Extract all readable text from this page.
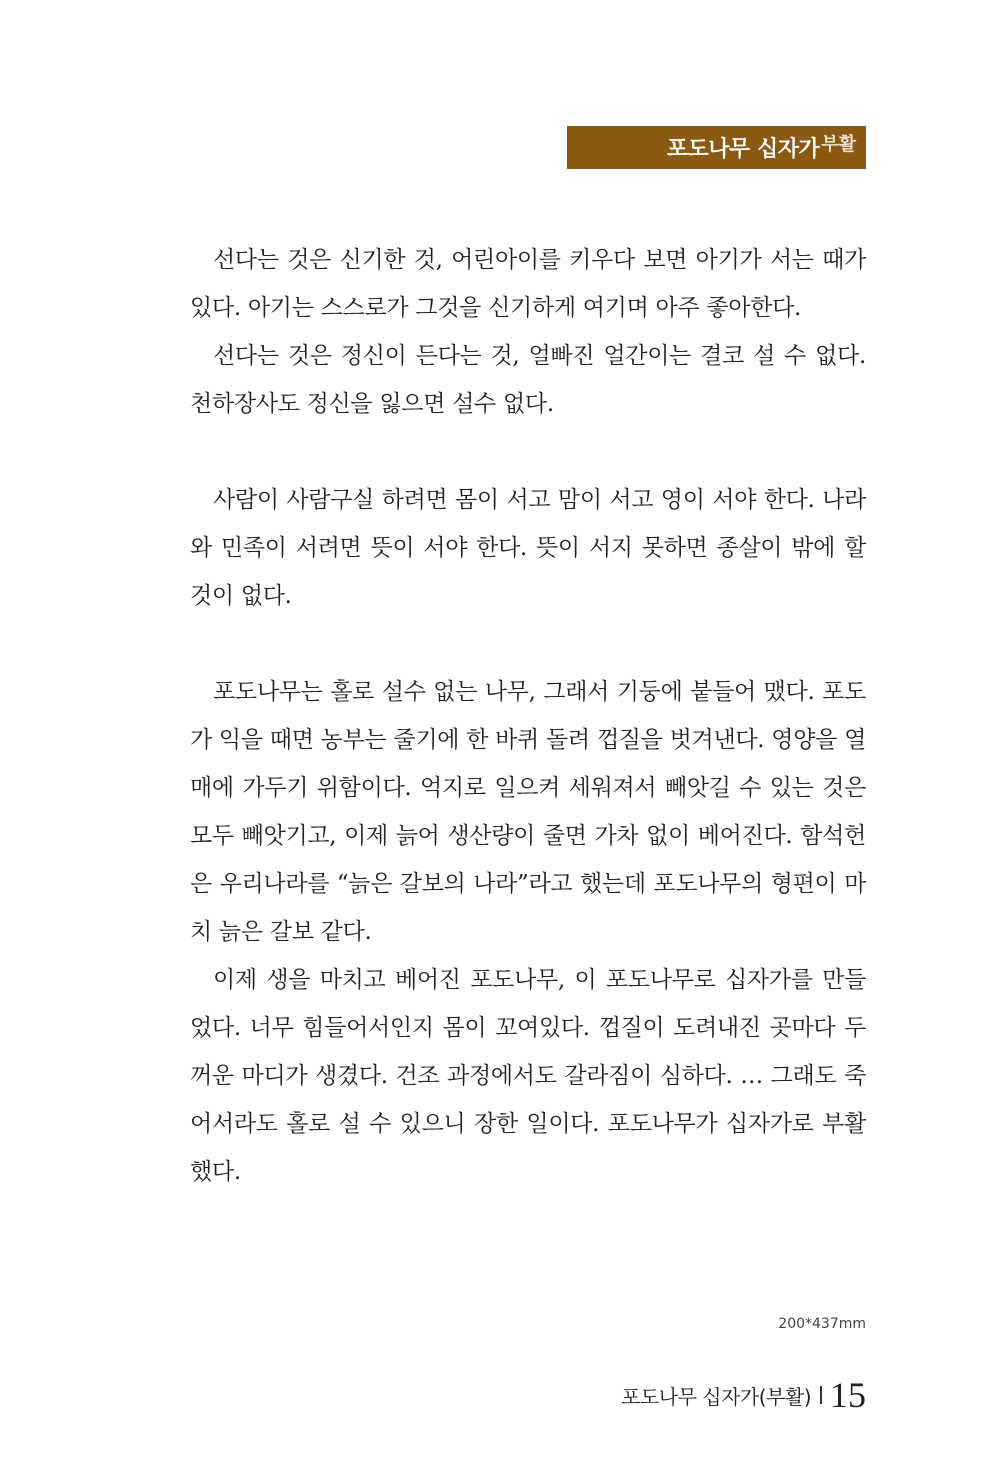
포도나무 십자가 부활

선다는 것은 신기한 것, 어린아이를 키우다 보면 아기가 서는 때가 있다. 아기는 스스로가 그것을 신기하게 여기며 아주 좋아한다.

선다는 것은 정신이 든다는 것, 얼빠진 얼간이는 결코 설 수 없다. 천하장사도 정신을 잃으면 설수 없다.

사람이 사람구실 하려면 몸이 서고 맘이 서고 영이 서야 한다. 나라와 민족이 서려면 뜻이 서야 한다. 뜻이 서지 못하면 종살이 밖에 할 것이 없다.

포도나무는 홀로 설수 없는 나무, 그래서 기둥에 붙들어 맸다. 포도가 익을 때면 농부는 줄기에 한 바퀴 돌려 껍질을 벗겨낸다. 영양을 열매에 가두기 위함이다. 억지로 일으켜 세워져서 빼앗길 수 있는 것은 모두 빼앗기고, 이제 늙어 생산량이 줄면 가차 없이 베어진다. 함석헌은 우리나라를 “늙은 갈보의 나라”라고 했는데 포도나무의 형편이 마치 늙은 갈보 같다.

이제 생을 마치고 베어진 포도나무, 이 포도나무로 십자가를 만들었다. 너무 힘들어서인지 몸이 꼬여있다. 껍질이 도려내진 곳마다 두꺼운 마디가 생겼다. 건조 과정에서도 갈라짐이 심하다. … 그래도 죽어서라도 홀로 설 수 있으니 장한 일이다. 포도나무가 십자가로 부활했다.

200*437mm
포도나무 십자가(부활) 15
